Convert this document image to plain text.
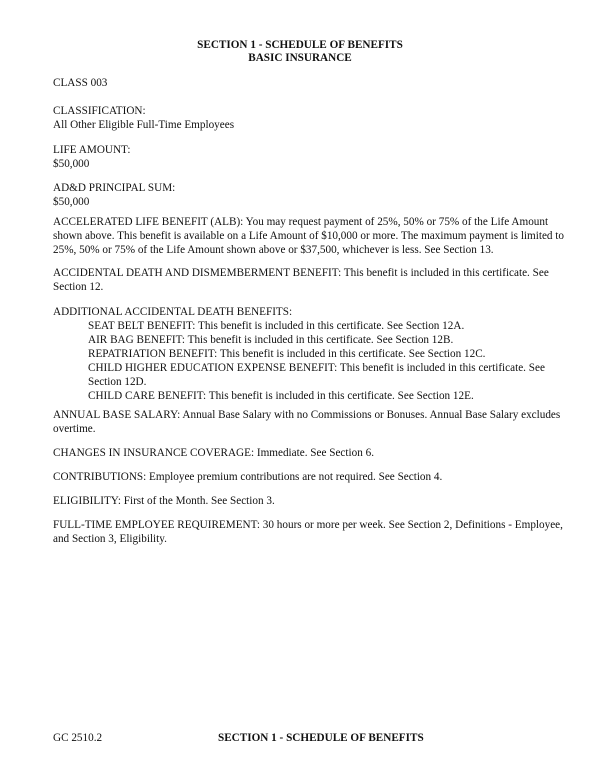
SECTION 1 - SCHEDULE OF BENEFITS
BASIC INSURANCE

CLASS 003

CLASSIFICATION:

All Other Eligible Full-Time Employees

LIFE AMOUNT:

$50,000

AD&D PRINCIPAL SUM:

$50,000

ACCELERATED LIFE BENEFIT (ALB): You may request payment of 25%, 50% or 75% of the Life Amount shown above. This benefit is available on a Life Amount of $10,000 or more. The maximum payment is limited to 25%, 50% or 75% of the Life Amount shown above or $37,500, whichever is less. See Section 13.

ACCIDENTAL DEATH AND DISMEMBERMENT BENEFIT: This benefit is included in this certificate. See Section 12.

ADDITIONAL ACCIDENTAL DEATH BENEFITS:

SEAT BELT BENEFIT: This benefit is included in this certificate. See Section 12A.

AIR BAG BENEFIT: This benefit is included in this certificate. See Section 12B.

REPATRIATION BENEFIT: This benefit is included in this certificate. See Section 12C.

CHILD HIGHER EDUCATION EXPENSE BENEFIT: This benefit is included in this certificate. See Section 12D.

CHILD CARE BENEFIT: This benefit is included in this certificate. See Section 12E.

ANNUAL BASE SALARY: Annual Base Salary with no Commissions or Bonuses. Annual Base Salary excludes overtime.

CHANGES IN INSURANCE COVERAGE: Immediate. See Section 6.

CONTRIBUTIONS: Employee premium contributions are not required. See Section 4.

ELIGIBILITY: First of the Month. See Section 3.

FULL-TIME EMPLOYEE REQUIREMENT: 30 hours or more per week. See Section 2, Definitions - Employee, and Section 3, Eligibility.

GC 2510.2	SECTION 1 - SCHEDULE OF BENEFITS
